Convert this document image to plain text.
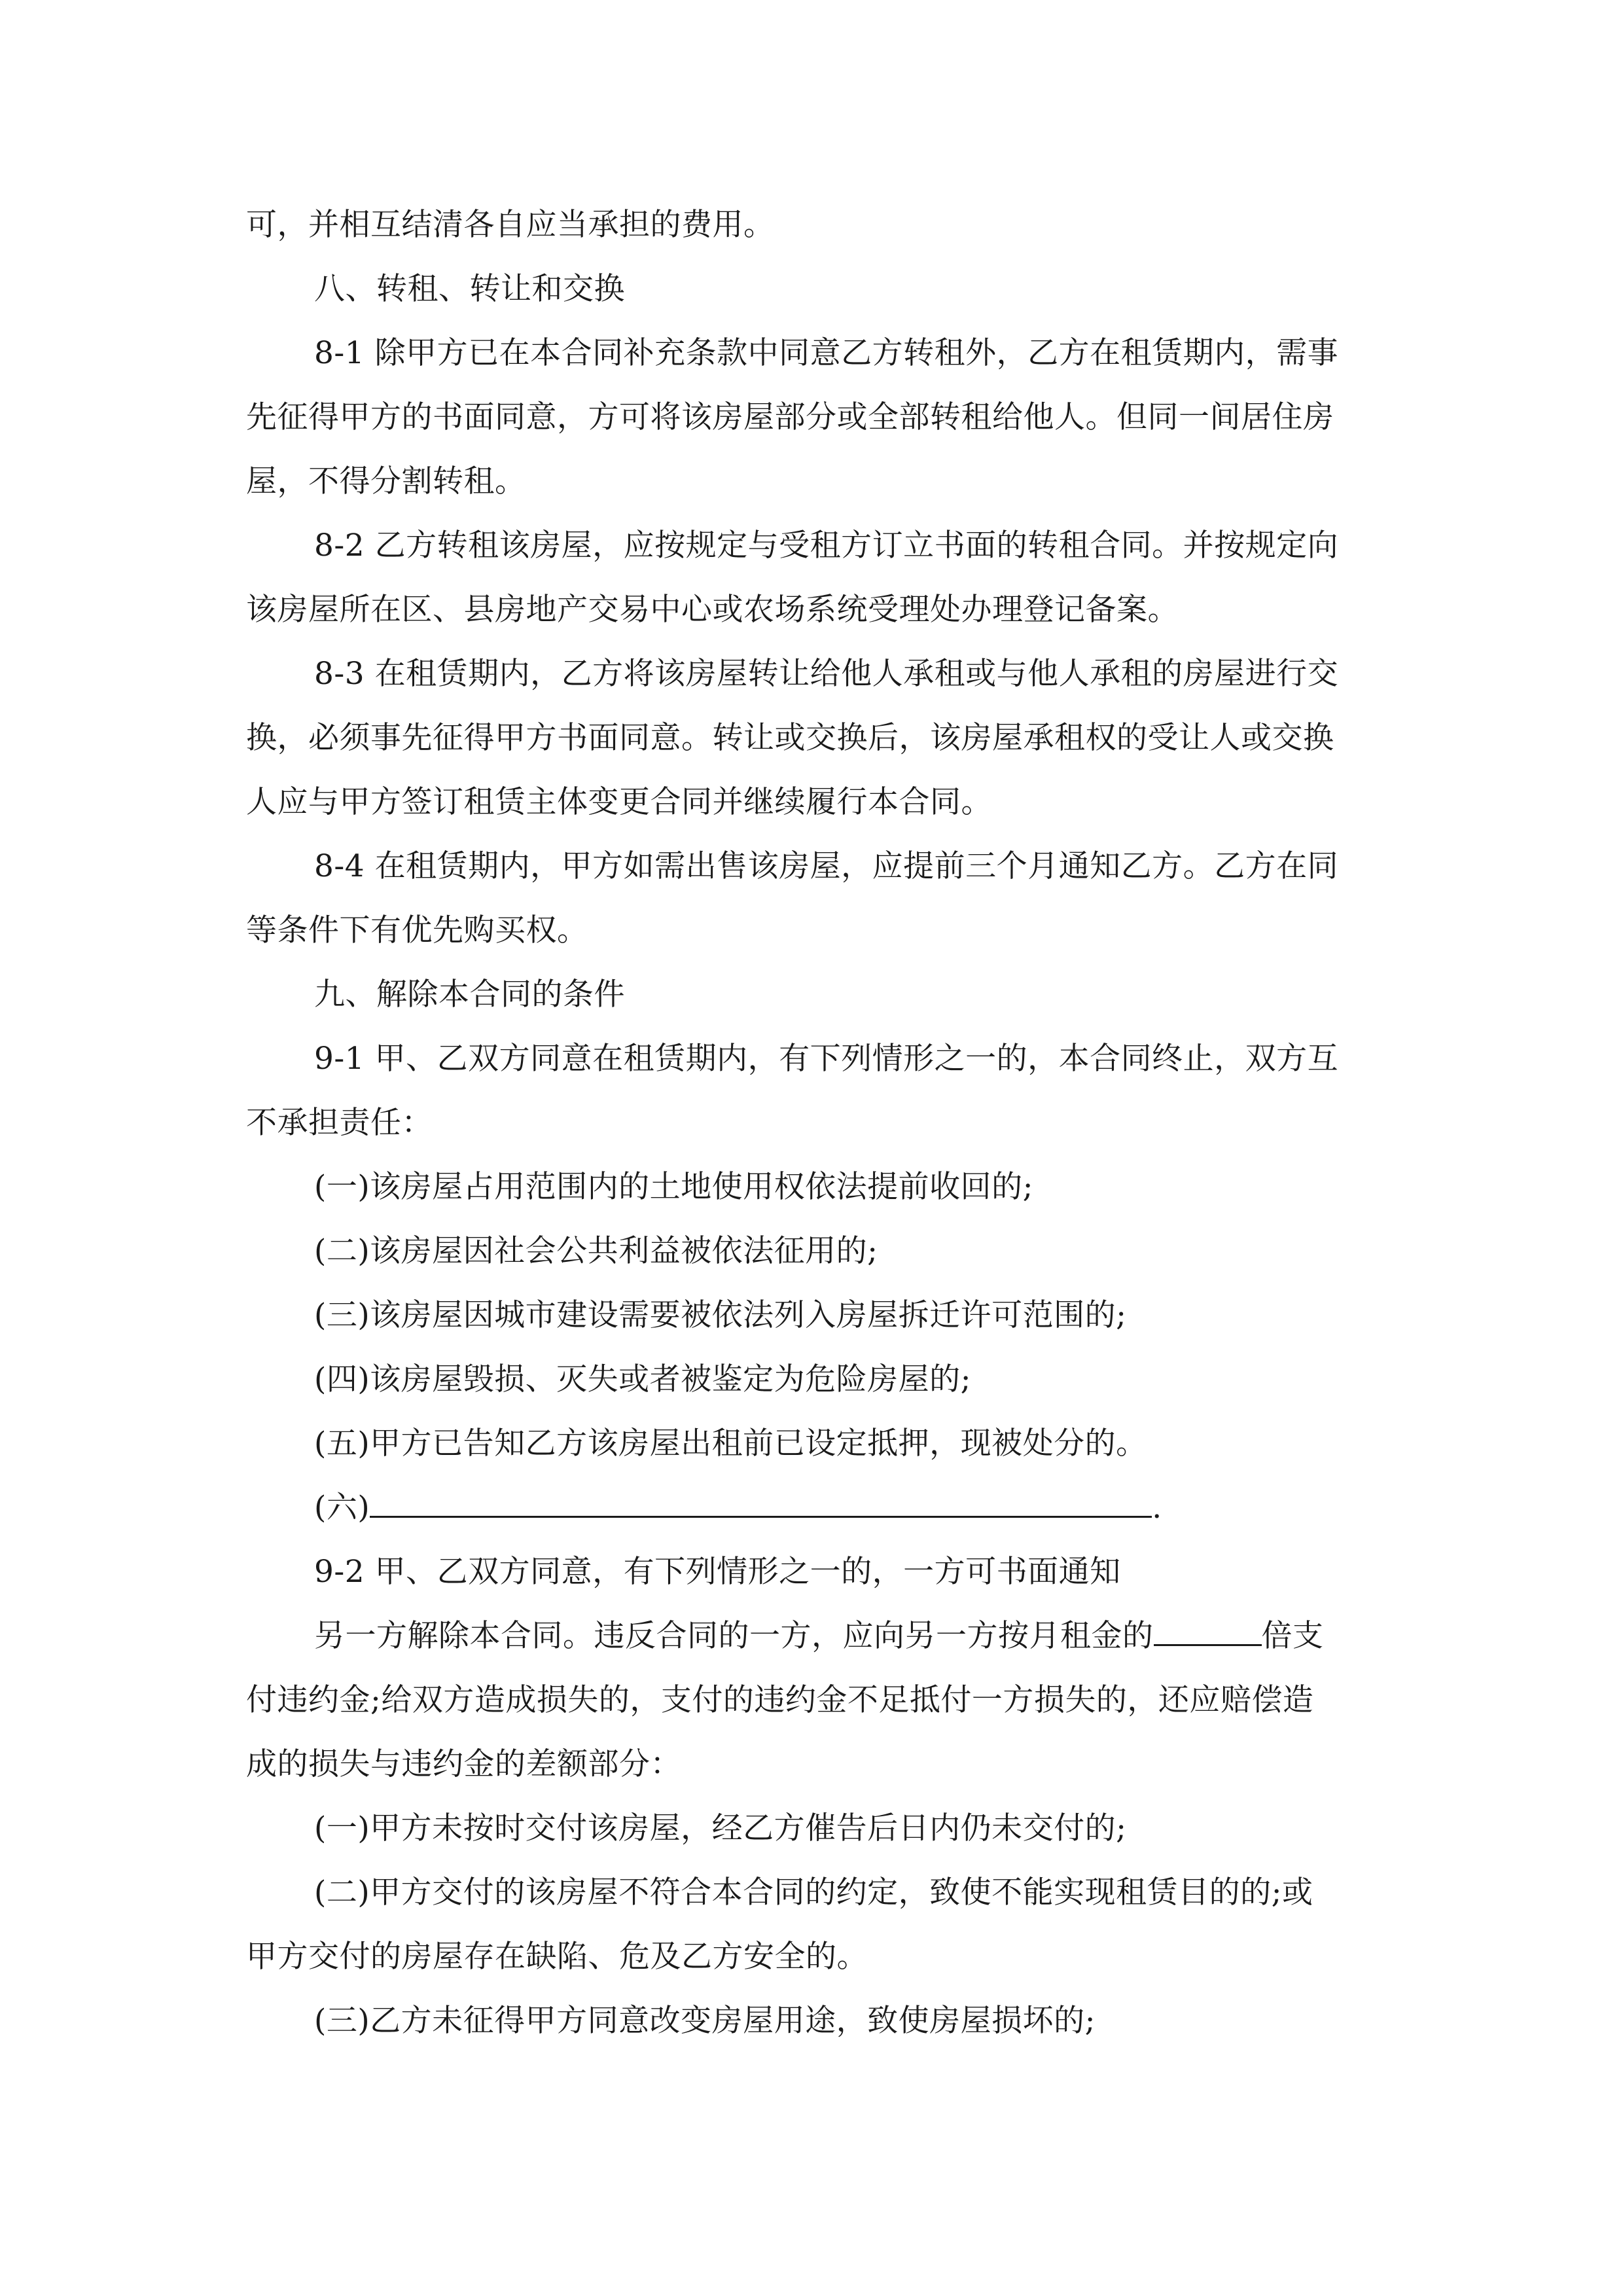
可，并相互结清各自应当承担的费用。
八、转租、转让和交换
8-1 除甲方已在本合同补充条款中同意乙方转租外，乙方在租赁期内，需事
先征得甲方的书面同意，方可将该房屋部分或全部转租给他人。但同一间居住房
屋，不得分割转租。
8-2 乙方转租该房屋，应按规定与受租方订立书面的转租合同。并按规定向
该房屋所在区、县房地产交易中心或农场系统受理处办理登记备案。
8-3 在租赁期内，乙方将该房屋转让给他人承租或与他人承租的房屋进行交
换，必须事先征得甲方书面同意。转让或交换后，该房屋承租权的受让人或交换
人应与甲方签订租赁主体变更合同并继续履行本合同。
8-4 在租赁期内，甲方如需出售该房屋，应提前三个月通知乙方。乙方在同
等条件下有优先购买权。
九、解除本合同的条件
9-1 甲、乙双方同意在租赁期内，有下列情形之一的，本合同终止，双方互
不承担责任：
(一)该房屋占用范围内的土地使用权依法提前收回的;
(二)该房屋因社会公共利益被依法征用的;
(三)该房屋因城市建设需要被依法列入房屋拆迁许可范围的;
(四)该房屋毁损、灭失或者被鉴定为危险房屋的;
(五)甲方已告知乙方该房屋出租前已设定抵押，现被处分的。
(六)	.
9-2 甲、乙双方同意，有下列情形之一的，一方可书面通知
另一方解除本合同。违反合同的一方，应向另一方按月租金的	倍支
付违约金;给双方造成损失的，支付的违约金不足抵付一方损失的，还应赔偿造
成的损失与违约金的差额部分：
(一)甲方未按时交付该房屋，经乙方催告后日内仍未交付的;
(二)甲方交付的该房屋不符合本合同的约定，致使不能实现租赁目的的;或
甲方交付的房屋存在缺陷、危及乙方安全的。
(三)乙方未征得甲方同意改变房屋用途，致使房屋损坏的;
